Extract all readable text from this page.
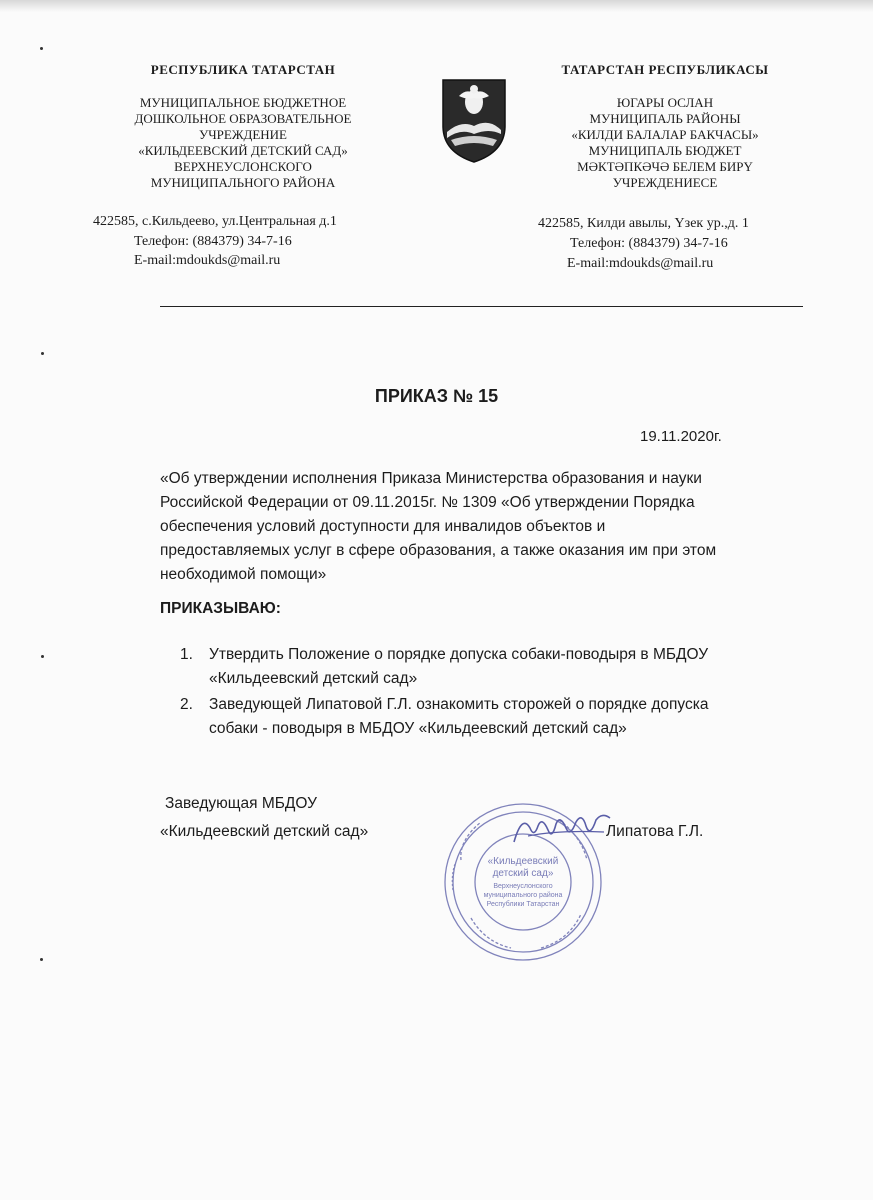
РЕСПУБЛИКА ТАТАРСТАН
МУНИЦИПАЛЬНОЕ БЮДЖЕТНОЕ
ДОШКОЛЬНОЕ ОБРАЗОВАТЕЛЬНОЕ
УЧРЕЖДЕНИЕ
«КИЛЬДЕЕВСКИЙ ДЕТСКИЙ САД»
ВЕРХНЕУСЛОНСКОГО
МУНИЦИПАЛЬНОГО РАЙОНА
422585, с.Кильдеево, ул.Центральная д.1
Телефон: (884379) 34-7-16
E-mail:mdoukds@mail.ru
ТАТАРСТАН РЕСПУБЛИКАСЫ
ЮГАРЫ ОСЛАН
МУНИЦИПАЛЬ РАЙОНЫ
«КИЛДИ БАЛАЛАР БАКЧАСЫ»
МУНИЦИПАЛЬ БЮДЖЕТ
МӘКТӘПКӘЧӘ БЕЛЕМ БИРҮ
УЧРЕЖДЕНИЕСЕ
422585, Килди авылы, Үзек ур.,д. 1
Телефон: (884379) 34-7-16
E-mail:mdoukds@mail.ru
ПРИКАЗ № 15
19.11.2020г.
«Об утверждении исполнения Приказа Министерства образования и науки
Российской Федерации от 09.11.2015г. № 1309 «Об утверждении Порядка
обеспечения условий доступности для инвалидов объектов и
предоставляемых услуг в сфере образования, а также оказания им при этом
необходимой помощи»
ПРИКАЗЫВАЮ:
1. Утвердить Положение о порядке допуска собаки-поводыря в МБДОУ
«Кильдеевский детский сад»
2. Заведующей Липатовой Г.Л. ознакомить сторожей о порядке допуска
собаки - поводыря в МБДОУ «Кильдеевский детский сад»
«Кильдеевский
детский сад»
Верхнеуслонского
муниципального района
Республики Татарстан
Заведующая МБДОУ
«Кильдеевский детский сад»	Липатова Г.Л.
